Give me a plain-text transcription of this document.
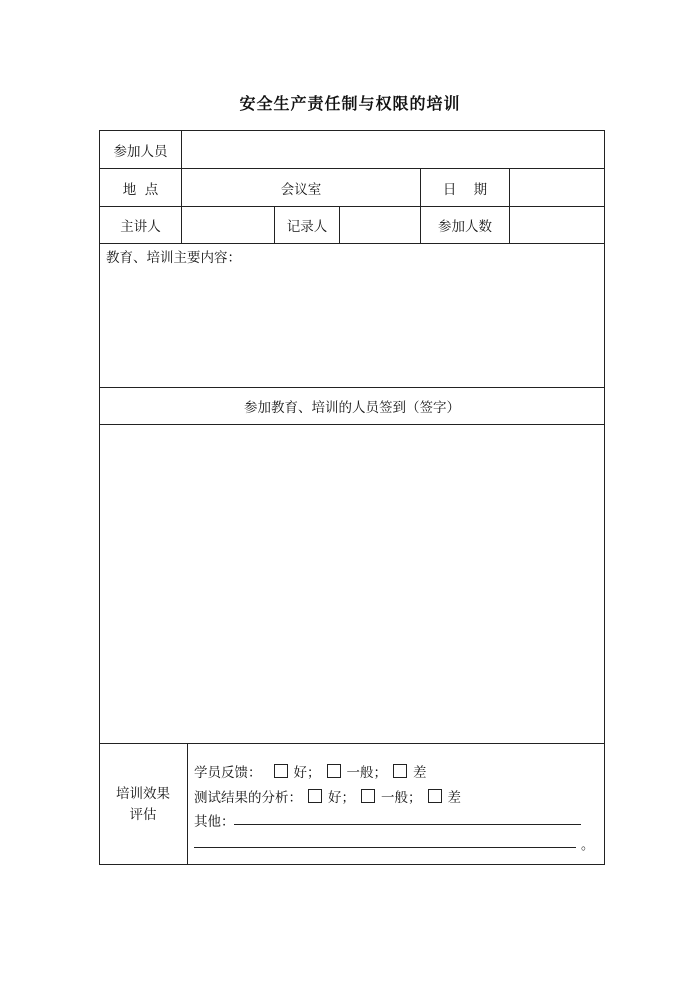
安全生产责任制与权限的培训
参加人员
地  点	会议室	日    期
主讲人	记录人	参加人数
教育、培训主要内容：
参加教育、培训的人员签到（签字）
培训效果
评估
学员反馈： 好； 一般； 差
测试结果的分析： 好； 一般； 差
其他：
。
